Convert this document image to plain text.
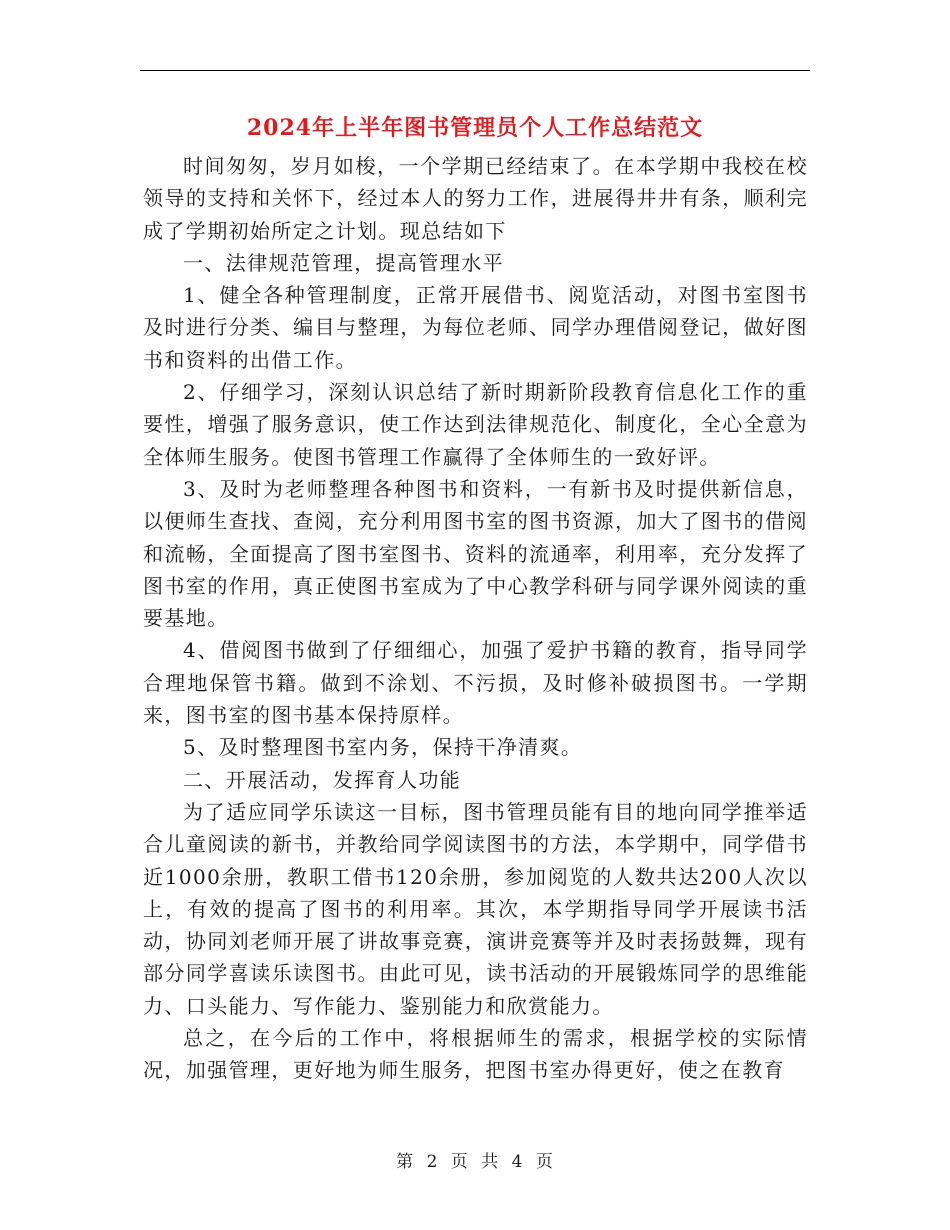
2024年上半年图书管理员个人工作总结范文

时间匆匆，岁月如梭，一个学期已经结束了。在本学期中我校在校领导的支持和关怀下，经过本人的努力工作，进展得井井有条，顺利完成了学期初始所定之计划。现总结如下

一、法律规范管理，提高管理水平

1、健全各种管理制度，正常开展借书、阅览活动，对图书室图书及时进行分类、编目与整理，为每位老师、同学办理借阅登记，做好图书和资料的出借工作。

2、仔细学习，深刻认识总结了新时期新阶段教育信息化工作的重要性，增强了服务意识，使工作达到法律规范化、制度化，全心全意为全体师生服务。使图书管理工作赢得了全体师生的一致好评。

3、及时为老师整理各种图书和资料，一有新书及时提供新信息，以便师生查找、查阅，充分利用图书室的图书资源，加大了图书的借阅和流畅，全面提高了图书室图书、资料的流通率，利用率，充分发挥了图书室的作用，真正使图书室成为了中心教学科研与同学课外阅读的重要基地。

4、借阅图书做到了仔细细心，加强了爱护书籍的教育，指导同学合理地保管书籍。做到不涂划、不污损，及时修补破损图书。一学期来，图书室的图书基本保持原样。

5、及时整理图书室内务，保持干净清爽。

二、开展活动，发挥育人功能

为了适应同学乐读这一目标，图书管理员能有目的地向同学推举适合儿童阅读的新书，并教给同学阅读图书的方法，本学期中，同学借书近1000余册，教职工借书120余册，参加阅览的人数共达200人次以上，有效的提高了图书的利用率。其次，本学期指导同学开展读书活动，协同刘老师开展了讲故事竞赛，演讲竞赛等并及时表扬鼓舞，现有部分同学喜读乐读图书。由此可见，读书活动的开展锻炼同学的思维能力、口头能力、写作能力、鉴别能力和欣赏能力。

总之，在今后的工作中，将根据师生的需求，根据学校的实际情况，加强管理，更好地为师生服务，把图书室办得更好，使之在教育

第 2 页 共 4 页
